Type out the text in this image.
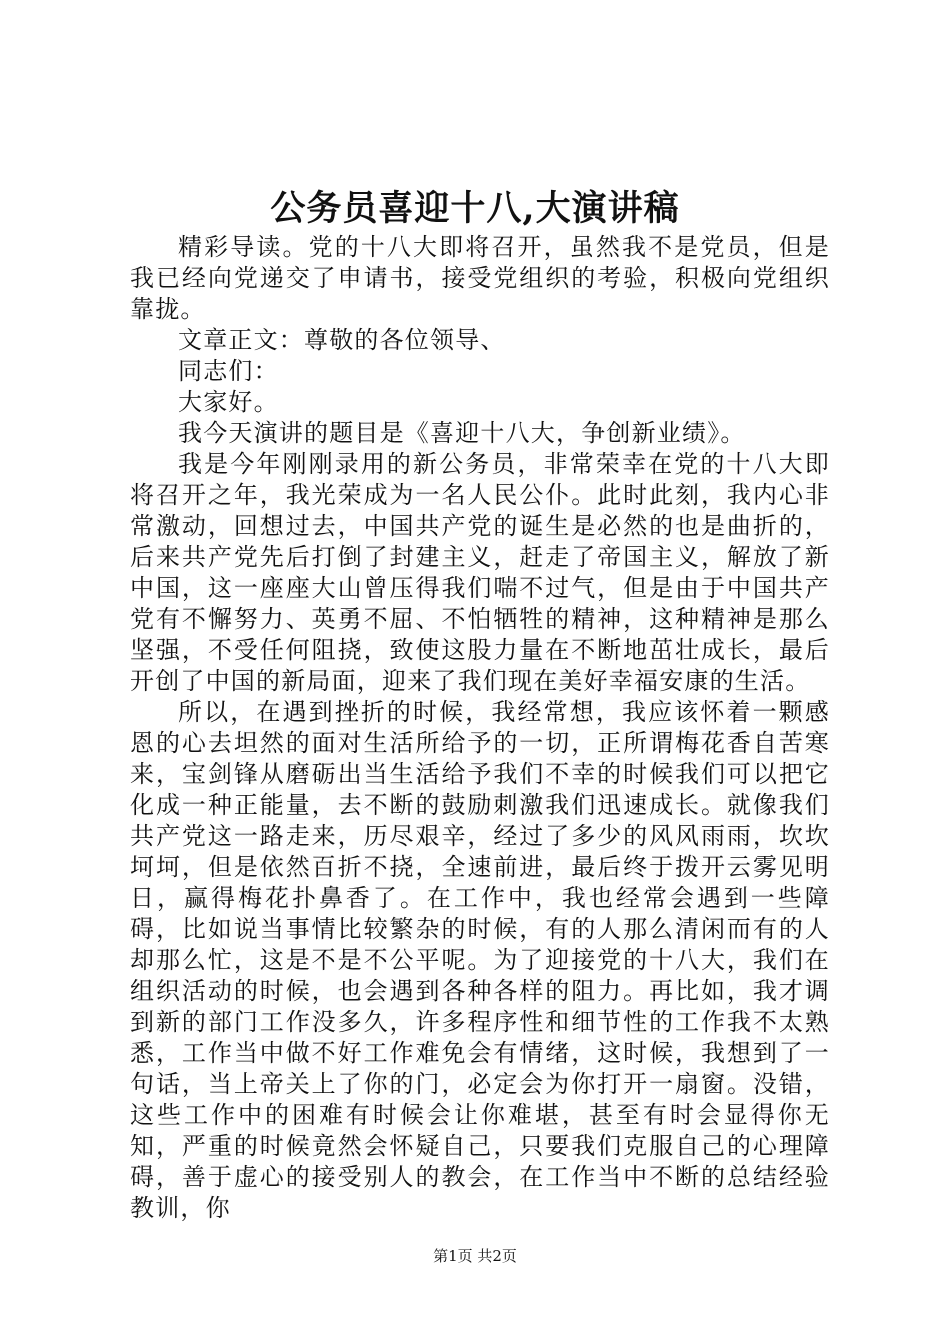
公务员喜迎十八,大演讲稿

精彩导读。党的十八大即将召开，虽然我不是党员，但是我已经向党递交了申请书，接受党组织的考验，积极向党组织靠拢。

文章正文：尊敬的各位领导、

同志们：

大家好。

我今天演讲的题目是《喜迎十八大，争创新业绩》。

我是今年刚刚录用的新公务员，非常荣幸在党的十八大即将召开之年，我光荣成为一名人民公仆。此时此刻，我内心非常激动，回想过去，中国共产党的诞生是必然的也是曲折的，后来共产党先后打倒了封建主义，赶走了帝国主义，解放了新中国，这一座座大山曾压得我们喘不过气，但是由于中国共产党有不懈努力、英勇不屈、不怕牺牲的精神，这种精神是那么坚强，不受任何阻挠，致使这股力量在不断地茁壮成长，最后开创了中国的新局面，迎来了我们现在美好幸福安康的生活。

所以，在遇到挫折的时候，我经常想，我应该怀着一颗感恩的心去坦然的面对生活所给予的一切，正所谓梅花香自苦寒来，宝剑锋从磨砺出当生活给予我们不幸的时候我们可以把它化成一种正能量，去不断的鼓励刺激我们迅速成长。就像我们共产党这一路走来，历尽艰辛，经过了多少的风风雨雨，坎坎坷坷，但是依然百折不挠，全速前进，最后终于拨开云雾见明日，赢得梅花扑鼻香了。在工作中，我也经常会遇到一些障碍，比如说当事情比较繁杂的时候，有的人那么清闲而有的人却那么忙，这是不是不公平呢。为了迎接党的十八大，我们在组织活动的时候，也会遇到各种各样的阻力。再比如，我才调到新的部门工作没多久，许多程序性和细节性的工作我不太熟悉，工作当中做不好工作难免会有情绪，这时候，我想到了一句话，当上帝关上了你的门，必定会为你打开一扇窗。没错，这些工作中的困难有时候会让你难堪，甚至有时会显得你无知，严重的时候竟然会怀疑自己，只要我们克服自己的心理障碍，善于虚心的接受别人的教会，在工作当中不断的总结经验教训，你

第1页 共2页
